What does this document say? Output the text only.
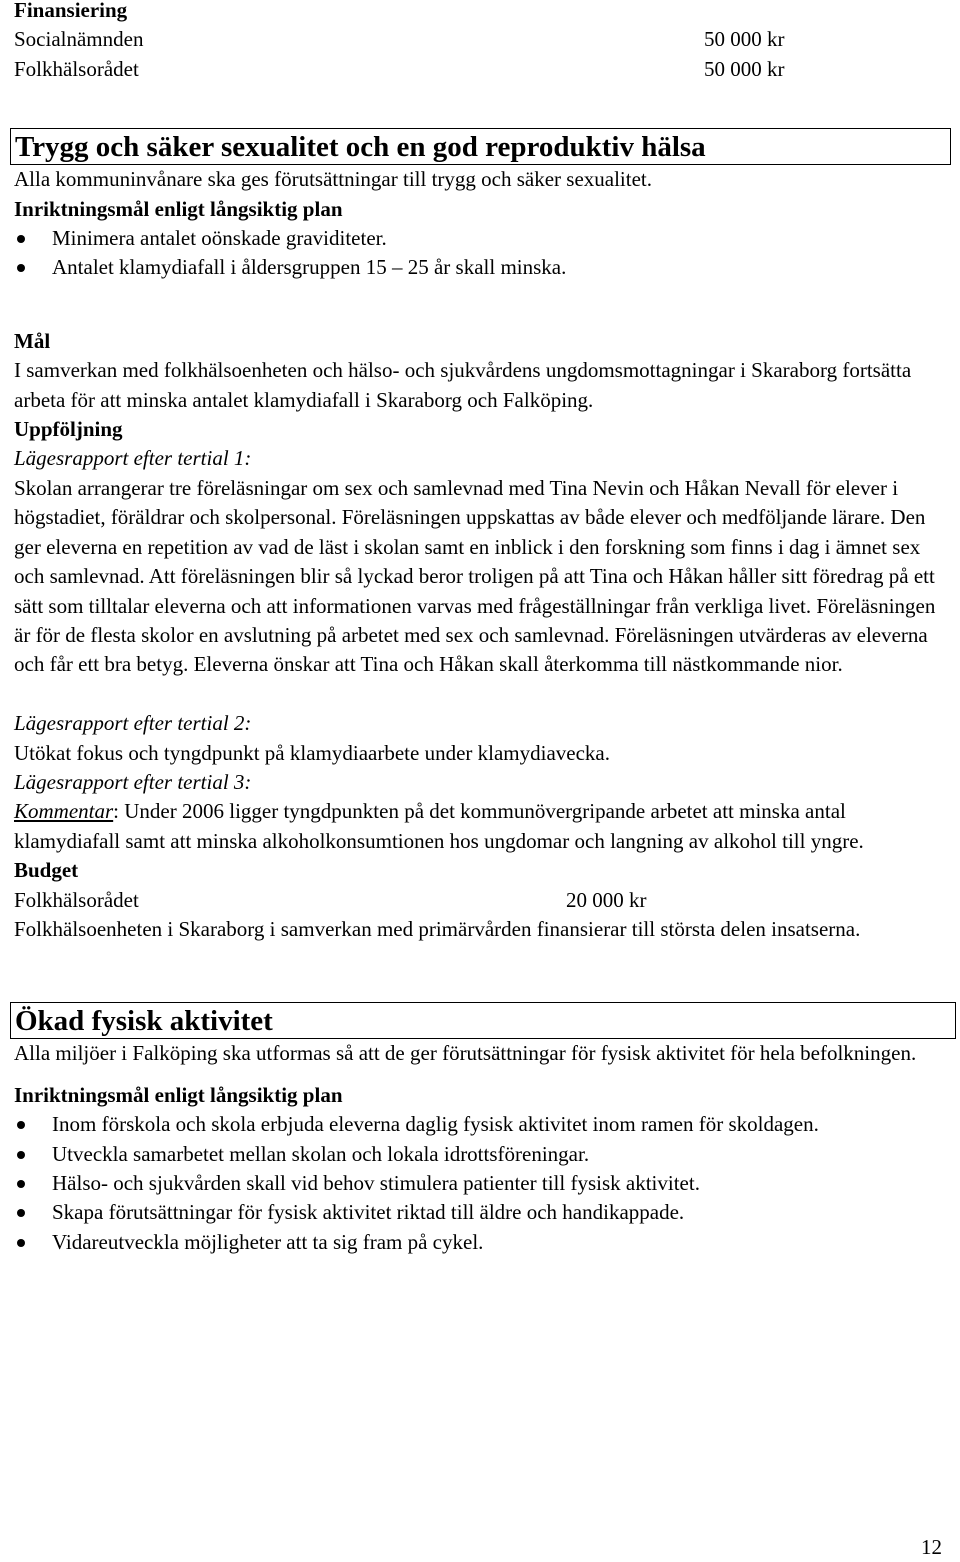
Finansiering

Socialnämnden	50 000 kr
Folkhälsorådet	50 000 kr
Trygg och säker sexualitet och en god reproduktiv hälsa

Alla kommuninvånare ska ges förutsättningar till trygg och säker sexualitet.

Inriktningsmål enligt långsiktig plan

Minimera antalet oönskade graviditeter.
Antalet klamydiafall i åldersgruppen 15 – 25 år skall minska.

Mål

I samverkan med folkhälsoenheten och hälso- och sjukvårdens ungdomsmottagningar i Skaraborg fortsätta arbeta för att minska antalet klamydiafall i Skaraborg och Falköping.

Uppföljning

Lägesrapport efter tertial 1:

Skolan arrangerar tre föreläsningar om sex och samlevnad med Tina Nevin och Håkan Nevall för elever i högstadiet, föräldrar och skolpersonal. Föreläsningen uppskattas av både elever och medföljande lärare. Den ger eleverna en repetition av vad de läst i skolan samt en inblick i den forskning som finns i dag i ämnet sex och samlevnad. Att föreläsningen blir så lyckad beror troligen på att Tina och Håkan håller sitt föredrag på ett sätt som tilltalar eleverna och att informationen varvas med frågeställningar från verkliga livet. Föreläsningen är för de flesta skolor en avslutning på arbetet med sex och samlevnad. Föreläsningen utvärderas av eleverna och får ett bra betyg. Eleverna önskar att Tina och Håkan skall återkomma till nästkommande nior.

Lägesrapport efter tertial 2:

Utökat fokus och tyngdpunkt på klamydiaarbete under klamydiavecka.

Lägesrapport efter tertial 3:

Kommentar: Under 2006 ligger tyngdpunkten på det kommunövergripande arbetet att minska antal klamydiafall samt att minska alkoholkonsumtionen hos ungdomar och langning av alkohol till yngre.

Budget

Folkhälsorådet	20 000 kr

Folkhälsoenheten i Skaraborg i samverkan med primärvården finansierar till största delen insatserna.

Ökad fysisk aktivitet

Alla miljöer i Falköping ska utformas så att de ger förutsättningar för fysisk aktivitet för hela befolkningen.

Inriktningsmål enligt långsiktig plan

Inom förskola och skola erbjuda eleverna daglig fysisk aktivitet inom ramen för skoldagen.
Utveckla samarbetet mellan skolan och lokala idrottsföreningar.
Hälso- och sjukvården skall vid behov stimulera patienter till fysisk aktivitet.
Skapa förutsättningar för fysisk aktivitet riktad till äldre och handikappade.
Vidareutveckla möjligheter att ta sig fram på cykel.
12
